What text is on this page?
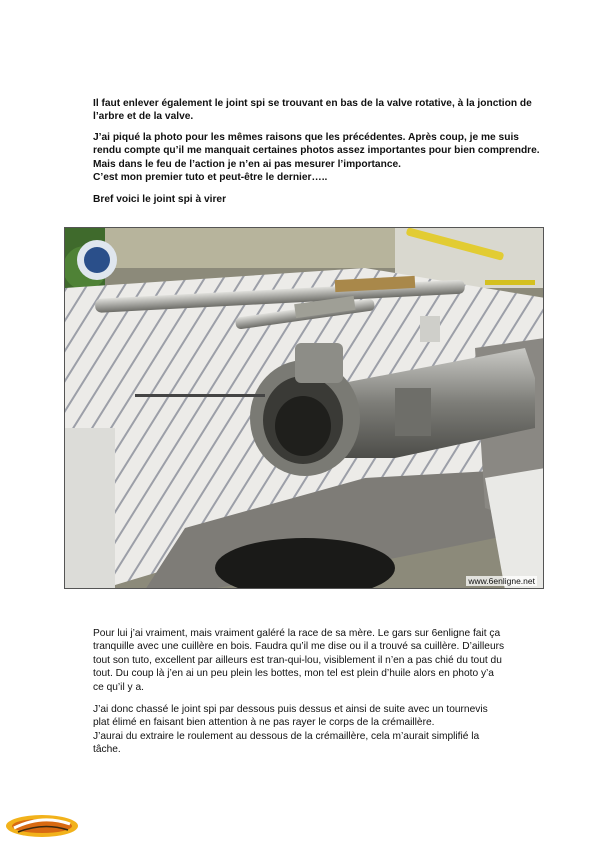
Il faut enlever également le joint spi se trouvant en bas de la valve rotative, à la jonction de

l’arbre et de la valve.

J’ai piqué la photo pour les mêmes raisons que les précédentes. Après coup, je me suis

rendu compte qu’il me manquait certaines photos assez importantes pour bien comprendre.

Mais dans le feu de l’action je n’en ai pas mesurer l’importance.

C’est mon premier tuto et peut-être le dernier…..

Bref voici le joint spi à virer

www.6enligne.net

Pour lui j’ai vraiment, mais vraiment galéré la race de sa mère. Le gars sur 6enligne fait ça

tranquille avec une cuillère en bois. Faudra qu’il me dise ou il a trouvé sa cuillère. D’ailleurs

tout son tuto, excellent par ailleurs est tran-qui-lou, visiblement il n’en a pas chié du tout du

tout. Du coup là j’en ai un peu plein les bottes, mon tel est plein d’huile alors en photo y’a

ce qu’il y a.

J’ai donc chassé le joint spi par dessous puis dessus et ainsi de suite avec un tournevis

plat élimé en faisant bien attention à ne pas rayer le corps de la crémaillère.

J’aurai du extraire le roulement au dessous de la crémaillère, cela m’aurait simplifié la

tâche.
